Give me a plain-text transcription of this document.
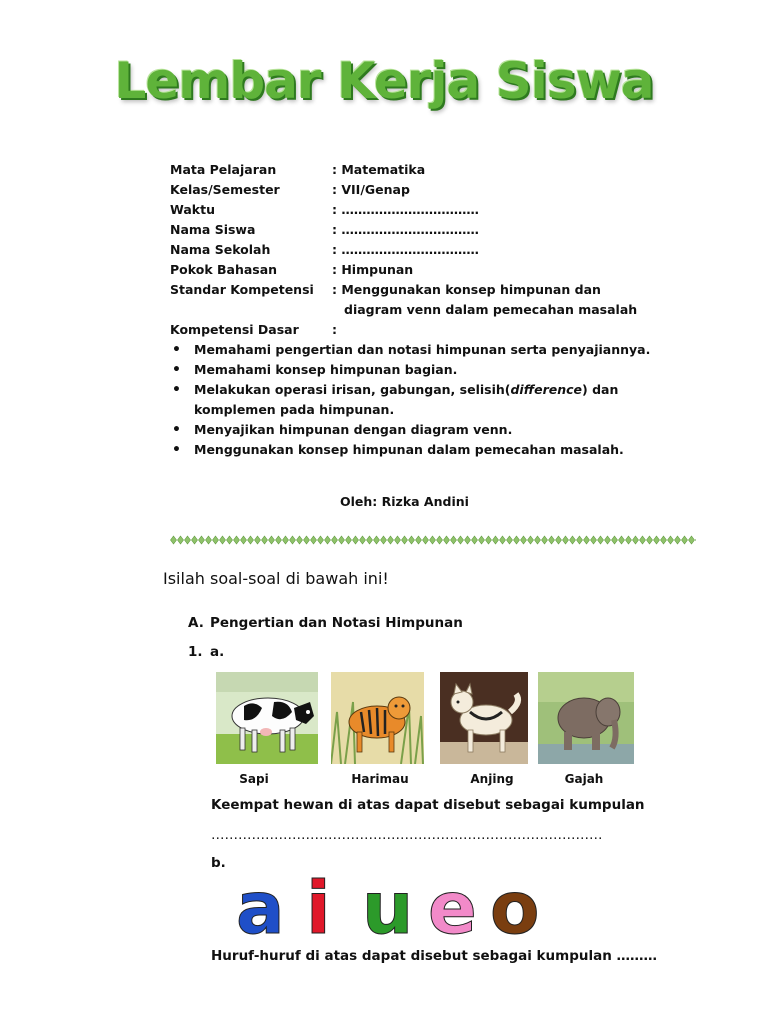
Lembar Kerja Siswa
Mata Pelajaran	: Matematika
Kelas/Semester	: VII/Genap
Waktu	: ……………………………
Nama Siswa	: ……………………………
Nama Sekolah	: ……………………………
Pokok Bahasan	: Himpunan
Standar Kompetensi	: Menggunakan konsep himpunan dan
diagram venn dalam pemecahan masalah
Kompetensi Dasar	:
• Memahami pengertian dan notasi himpunan serta penyajiannya.
• Memahami konsep himpunan bagian.
• Melakukan operasi irisan, gabungan, selisih(difference) dan komplemen pada himpunan.
• Menyajikan himpunan dengan diagram venn.
• Menggunakan konsep himpunan dalam pemecahan masalah.
Oleh: Rizka Andini
Isilah soal-soal di bawah ini!
A. Pengertian dan Notasi Himpunan
1. a.
Sapi	Harimau	Anjing	Gajah
Keempat hewan di atas dapat disebut sebagai kumpulan
……………………………………………………………………………
b.
a i u e o
Huruf-huruf di atas dapat disebut sebagai kumpulan ………
